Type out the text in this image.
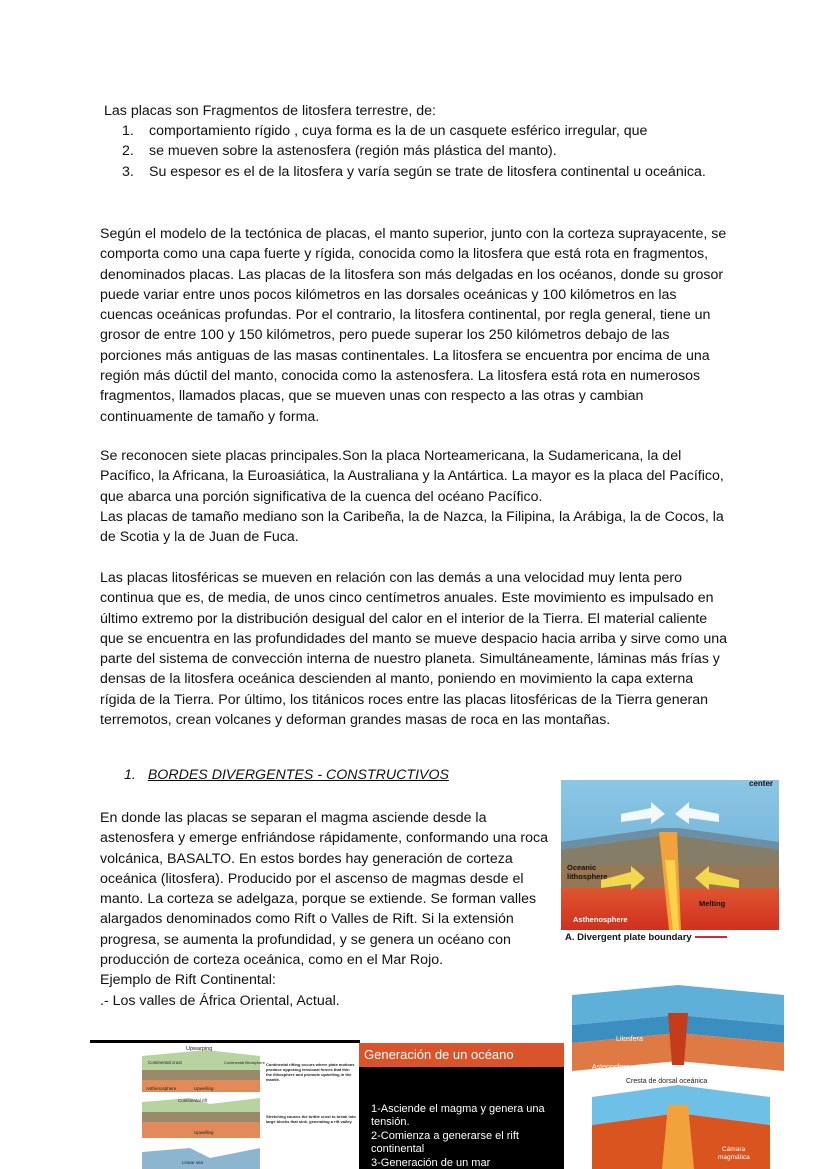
Las placas son Fragmentos de litosfera terrestre, de:

1. comportamiento rígido , cuya forma es la de un casquete esférico irregular, que
2. se mueven sobre la astenosfera (región más plástica del manto).
3. Su espesor es el de la litosfera y varía según se trate de litosfera continental u oceánica.

Según el modelo de la tectónica de placas, el manto superior, junto con la corteza suprayacente, se comporta como una capa fuerte y rígida, conocida como la litosfera que está rota en fragmentos, denominados placas. Las placas de la litosfera son más delgadas en los océanos, donde su grosor puede variar entre unos pocos kilómetros en las dorsales oceánicas y 100 kilómetros en las cuencas oceánicas profundas. Por el contrario, la litosfera continental, por regla general, tiene un grosor de entre 100 y 150 kilómetros, pero puede superar los 250 kilómetros debajo de las porciones más antiguas de las masas continentales. La litosfera se encuentra por encima de una región más dúctil del manto, conocida como la astenosfera. La litosfera está rota en numerosos fragmentos, llamados placas, que se mueven unas con respecto a las otras y cambian continuamente de tamaño y forma.

Se reconocen siete placas principales.Son la placa Norteamericana, la Sudamericana, la del Pacífico, la Africana, la Euroasiática, la Australiana y la Antártica. La mayor es la placa del Pacífico, que abarca una porción significativa de la cuenca del océano Pacífico.

Las placas de tamaño mediano son la Caribeña, la de Nazca, la Filipina, la Arábiga, la de Cocos, la de Scotia y la de Juan de Fuca.

Las placas litosféricas se mueven en relación con las demás a una velocidad muy lenta pero continua que es, de media, de unos cinco centímetros anuales. Este movimiento es impulsado en último extremo por la distribución desigual del calor en el interior de la Tierra. El material caliente que se encuentra en las profundidades del manto se mueve despacio hacia arriba y sirve como una parte del sistema de convección interna de nuestro planeta. Simultáneamente, láminas más frías y densas de la litosfera oceánica descienden al manto, poniendo en movimiento la capa externa rígida de la Tierra. Por último, los titánicos roces entre las placas litosféricas de la Tierra generan terremotos, crean volcanes y deforman grandes masas de roca en las montañas.

1. BORDES DIVERGENTES - CONSTRUCTIVOS

En donde las placas se separan el magma asciende desde la astenosfera y emerge enfriándose rápidamente, conformando una roca volcánica, BASALTO. En estos bordes hay generación de corteza oceánica (litosfera). Producido por el ascenso de magmas desde el manto. La corteza se adelgaza, porque se extiende. Se forman valles alargados denominados como Rift o Valles de Rift. Si la extensión progresa, se aumenta la profundidad, y se genera un océano con producción de corteza oceánica, como en el Mar Rojo.
Ejemplo de Rift Continental:
.- Los valles de África Oriental, Actual.

center
Oceanic
lithosphere
Melting
Asthenosphere
A. Divergent plate boundary
Litosfera
Astenosfera
Cresta de dorsal oceánica
Cámara
magmática
Upwarping
Continental crust	Continental lithosphere
Upwelling
Asthenosphere
Continental rift
Upwelling
Linear sea
Continental rifting occurs where plate motions produce opposing tensional forces that thin the lithosphere and promote upwelling in the mantle.
Stretching causes the brittle crust to break into large blocks that sink, generating a rift valley.
Generación de un océano
1-Asciende el magma y genera una tensión.
2-Comienza a generarse el rift continental
3-Generación de un mar
